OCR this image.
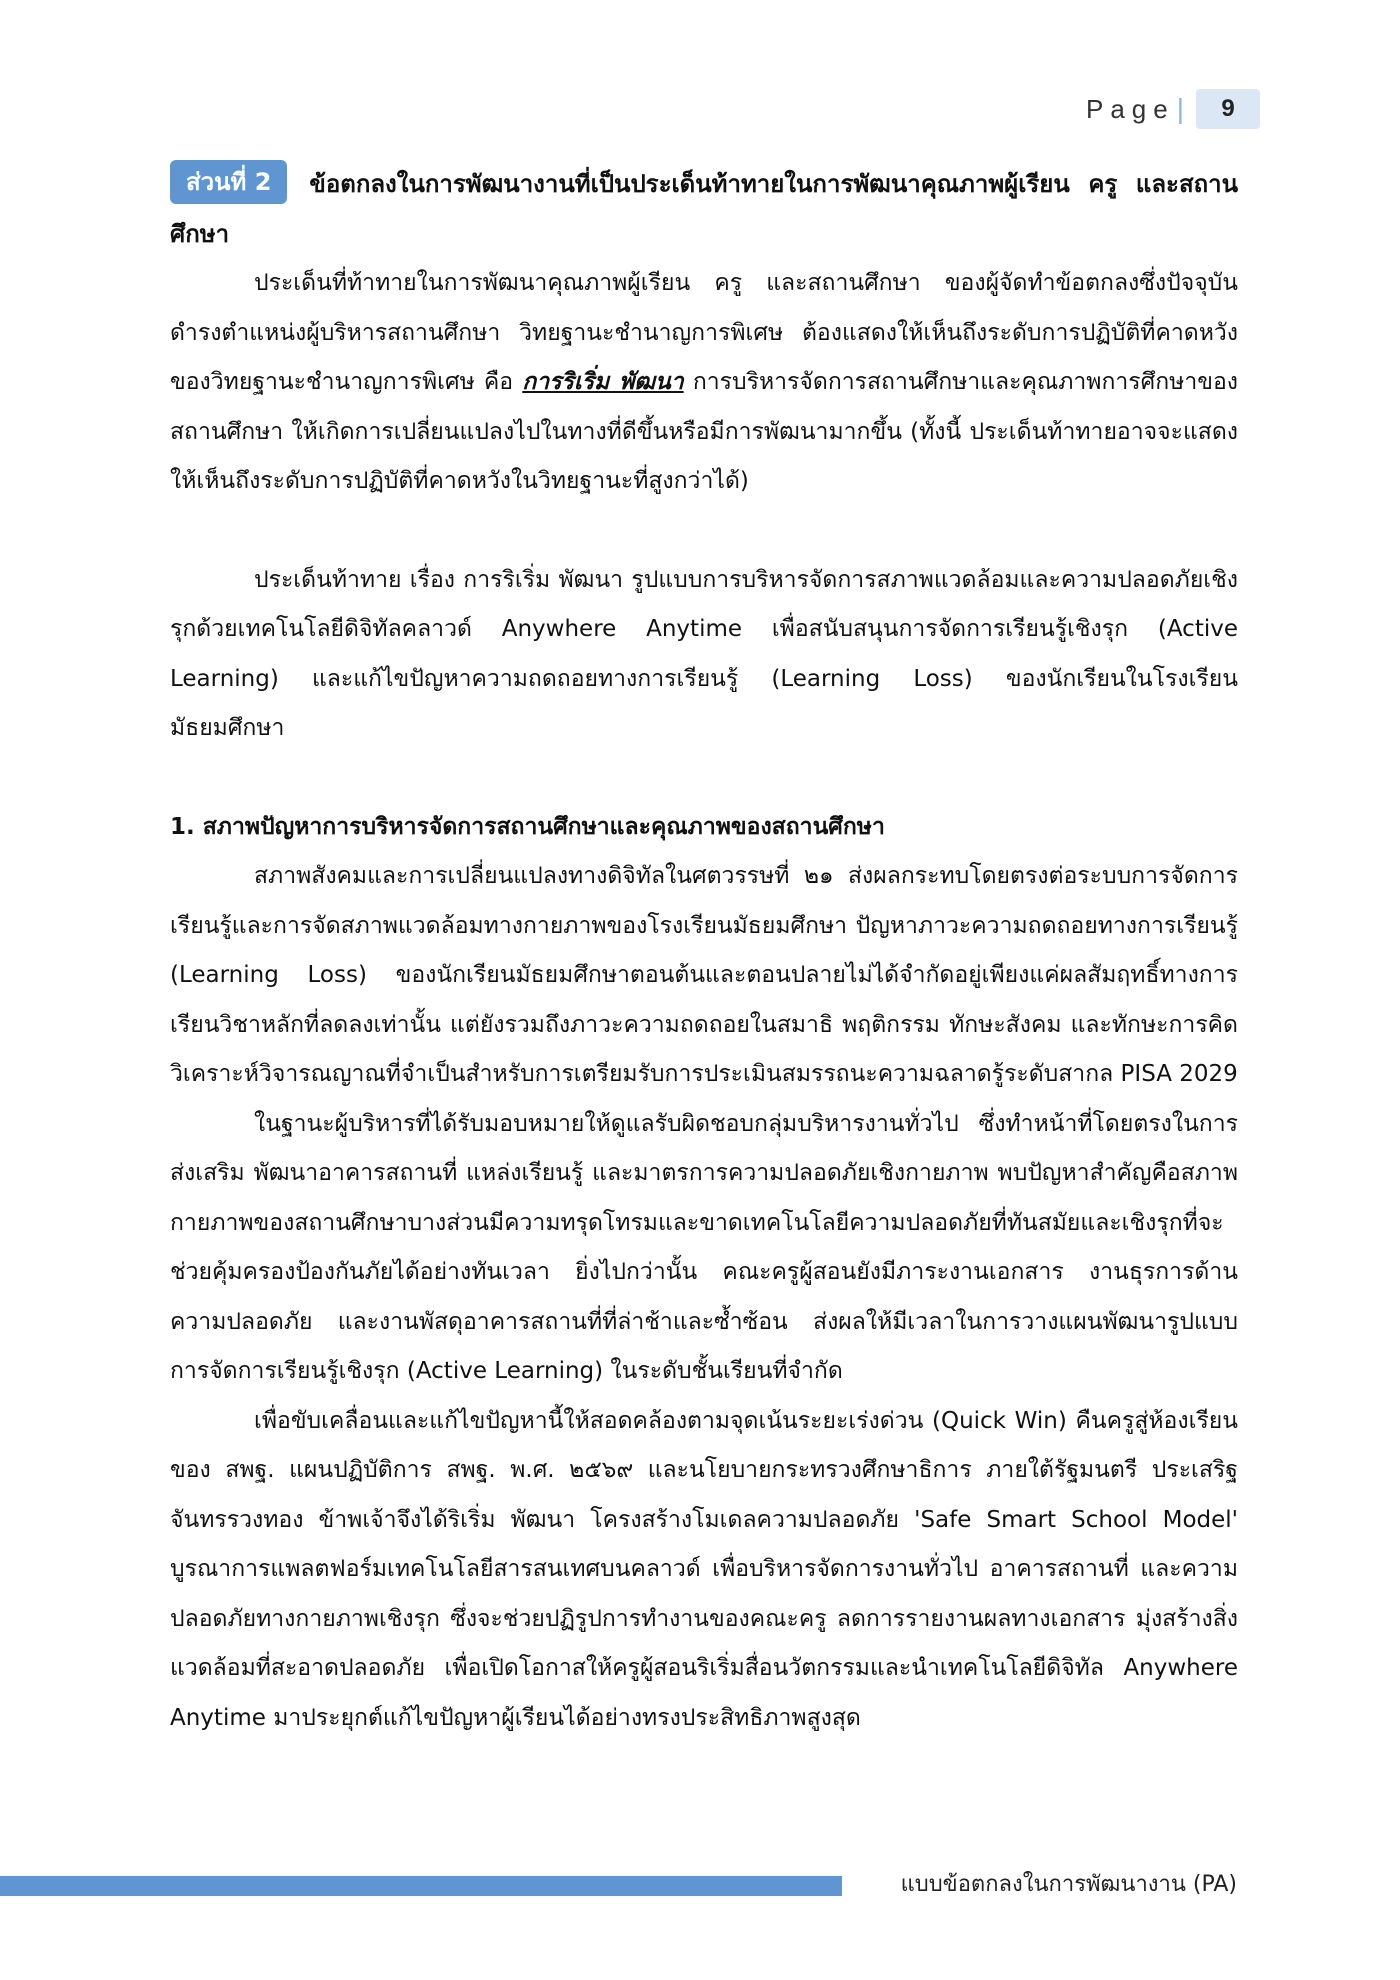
Page |	9
ส่วนที่ 2 ข้อตกลงในการพัฒนางานที่เป็นประเด็นท้าทายในการพัฒนาคุณภาพผู้เรียน ครู และสถานศึกษา

ประเด็นที่ท้าทายในการพัฒนาคุณภาพผู้เรียน ครู และสถานศึกษา ของผู้จัดทำข้อตกลงซึ่งปัจจุบันดำรงตำแหน่งผู้บริหารสถานศึกษา วิทยฐานะชำนาญการพิเศษ ต้องแสดงให้เห็นถึงระดับการปฏิบัติที่คาดหวังของวิทยฐานะชำนาญการพิเศษ คือ การริเริ่ม พัฒนา การบริหารจัดการสถานศึกษาและคุณภาพการศึกษาของสถานศึกษา ให้เกิดการเปลี่ยนแปลงไปในทางที่ดีขึ้นหรือมีการพัฒนามากขึ้น (ทั้งนี้ ประเด็นท้าทายอาจจะแสดงให้เห็นถึงระดับการปฏิบัติที่คาดหวังในวิทยฐานะที่สูงกว่าได้)

ประเด็นท้าทาย เรื่อง การริเริ่ม พัฒนา รูปแบบการบริหารจัดการสภาพแวดล้อมและความปลอดภัยเชิงรุกด้วยเทคโนโลยีดิจิทัลคลาวด์ Anywhere Anytime เพื่อสนับสนุนการจัดการเรียนรู้เชิงรุก (Active Learning) และแก้ไขปัญหาความถดถอยทางการเรียนรู้ (Learning Loss) ของนักเรียนในโรงเรียนมัธยมศึกษา

1. สภาพปัญหาการบริหารจัดการสถานศึกษาและคุณภาพของสถานศึกษา

สภาพสังคมและการเปลี่ยนแปลงทางดิจิทัลในศตวรรษที่ ๒๑ ส่งผลกระทบโดยตรงต่อระบบการจัดการเรียนรู้และการจัดสภาพแวดล้อมทางกายภาพของโรงเรียนมัธยมศึกษา ปัญหาภาวะความถดถอยทางการเรียนรู้ (Learning Loss) ของนักเรียนมัธยมศึกษาตอนต้นและตอนปลายไม่ได้จำกัดอยู่เพียงแค่ผลสัมฤทธิ์ทางการเรียนวิชาหลักที่ลดลงเท่านั้น แต่ยังรวมถึงภาวะความถดถอยในสมาธิ พฤติกรรม ทักษะสังคม และทักษะการคิดวิเคราะห์วิจารณญาณที่จำเป็นสำหรับการเตรียมรับการประเมินสมรรถนะความฉลาดรู้ระดับสากล PISA 2029

ในฐานะผู้บริหารที่ได้รับมอบหมายให้ดูแลรับผิดชอบกลุ่มบริหารงานทั่วไป ซึ่งทำหน้าที่โดยตรงในการส่งเสริม พัฒนาอาคารสถานที่ แหล่งเรียนรู้ และมาตรการความปลอดภัยเชิงกายภาพ พบปัญหาสำคัญคือสภาพกายภาพของสถานศึกษาบางส่วนมีความทรุดโทรมและขาดเทคโนโลยีความปลอดภัยที่ทันสมัยและเชิงรุกที่จะช่วยคุ้มครองป้องกันภัยได้อย่างทันเวลา ยิ่งไปกว่านั้น คณะครูผู้สอนยังมีภาระงานเอกสาร งานธุรการด้านความปลอดภัย และงานพัสดุอาคารสถานที่ที่ล่าช้าและซ้ำซ้อน ส่งผลให้มีเวลาในการวางแผนพัฒนารูปแบบการจัดการเรียนรู้เชิงรุก (Active Learning) ในระดับชั้นเรียนที่จำกัด

เพื่อขับเคลื่อนและแก้ไขปัญหานี้ให้สอดคล้องตามจุดเน้นระยะเร่งด่วน (Quick Win) คืนครูสู่ห้องเรียน ของ สพฐ. แผนปฏิบัติการ สพฐ. พ.ศ. ๒๕๖๙ และนโยบายกระทรวงศึกษาธิการ ภายใต้รัฐมนตรี ประเสริฐ จันทรรวงทอง ข้าพเจ้าจึงได้ริเริ่ม พัฒนา โครงสร้างโมเดลความปลอดภัย 'Safe Smart School Model' บูรณาการแพลตฟอร์มเทคโนโลยีสารสนเทศบนคลาวด์ เพื่อบริหารจัดการงานทั่วไป อาคารสถานที่ และความปลอดภัยทางกายภาพเชิงรุก ซึ่งจะช่วยปฏิรูปการทำงานของคณะครู ลดการรายงานผลทางเอกสาร มุ่งสร้างสิ่งแวดล้อมที่สะอาดปลอดภัย เพื่อเปิดโอกาสให้ครูผู้สอนริเริ่มสื่อนวัตกรรมและนำเทคโนโลยีดิจิทัล Anywhere Anytime มาประยุกต์แก้ไขปัญหาผู้เรียนได้อย่างทรงประสิทธิภาพสูงสุด

แบบข้อตกลงในการพัฒนางาน (PA)
